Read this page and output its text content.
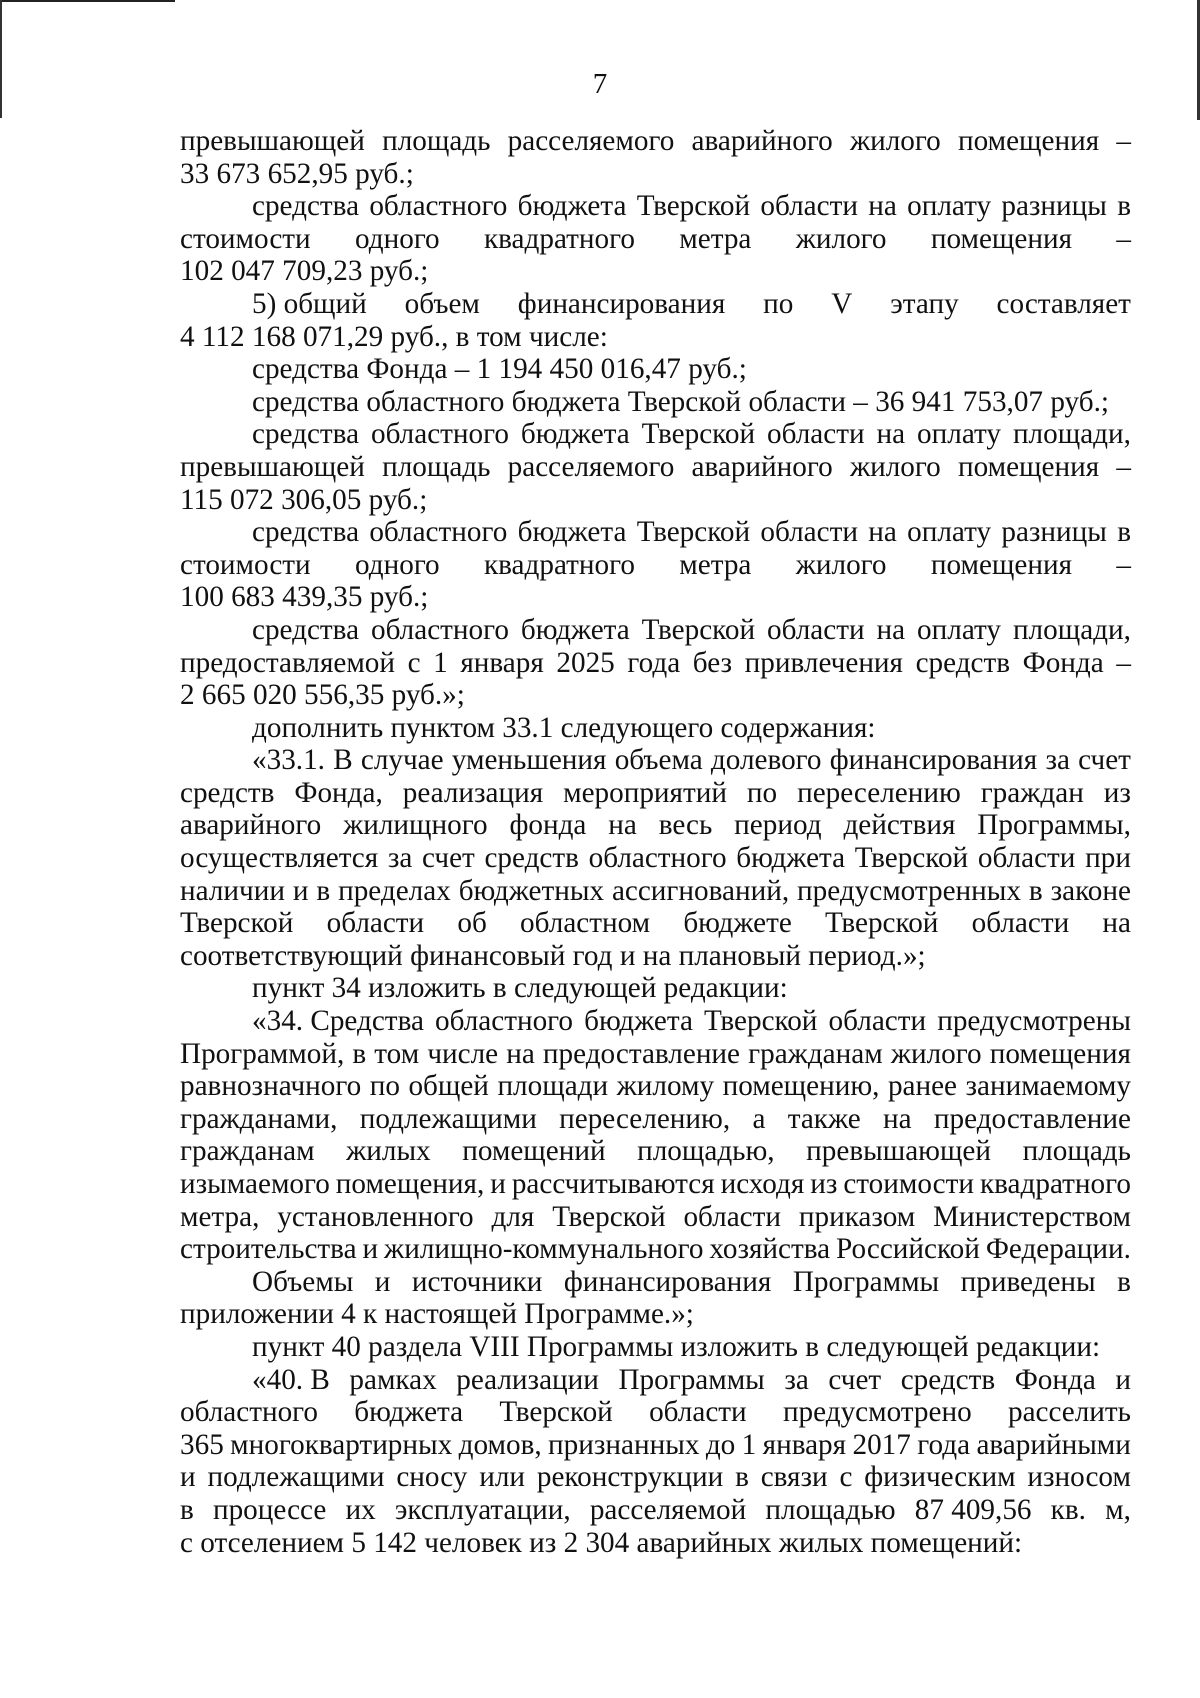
7
превышающей площадь расселяемого аварийного жилого помещения –
33 673 652,95 руб.;
средства областного бюджета Тверской области на оплату разницы в
стоимости одного квадратного метра жилого помещения –
102 047 709,23 руб.;
5) общий объем финансирования по V этапу составляет
4 112 168 071,29 руб., в том числе:
средства Фонда – 1 194 450 016,47 руб.;
средства областного бюджета Тверской области – 36 941 753,07 руб.;
средства областного бюджета Тверской области на оплату площади,
превышающей площадь расселяемого аварийного жилого помещения –
115 072 306,05 руб.;
средства областного бюджета Тверской области на оплату разницы в
стоимости одного квадратного метра жилого помещения –
100 683 439,35 руб.;
средства областного бюджета Тверской области на оплату площади,
предоставляемой с 1 января 2025 года без привлечения средств Фонда –
2 665 020 556,35 руб.»;
дополнить пунктом 33.1 следующего содержания:
«33.1. В случае уменьшения объема долевого финансирования за счет
средств Фонда, реализация мероприятий по переселению граждан из
аварийного жилищного фонда на весь период действия Программы,
осуществляется за счет средств областного бюджета Тверской области при
наличии и в пределах бюджетных ассигнований, предусмотренных в законе
Тверской области об областном бюджете Тверской области на
соответствующий финансовый год и на плановый период.»;
пункт 34 изложить в следующей редакции:
«34. Средства областного бюджета Тверской области предусмотрены
Программой, в том числе на предоставление гражданам жилого помещения
равнозначного по общей площади жилому помещению, ранее занимаемому
гражданами, подлежащими переселению, а также на предоставление
гражданам жилых помещений площадью, превышающей площадь
изымаемого помещения, и рассчитываются исходя из стоимости квадратного
метра, установленного для Тверской области приказом Министерством
строительства и жилищно-коммунального хозяйства Российской Федерации.
Объемы и источники финансирования Программы приведены в
приложении 4 к настоящей Программе.»;
пункт 40 раздела VIII Программы изложить в следующей редакции:
«40. В рамках реализации Программы за счет средств Фонда и
областного бюджета Тверской области предусмотрено расселить
365 многоквартирных домов, признанных до 1 января 2017 года аварийными
и подлежащими сносу или реконструкции в связи с физическим износом
в процессе их эксплуатации, расселяемой площадью 87 409,56 кв. м,
с отселением 5 142 человек из 2 304 аварийных жилых помещений:
